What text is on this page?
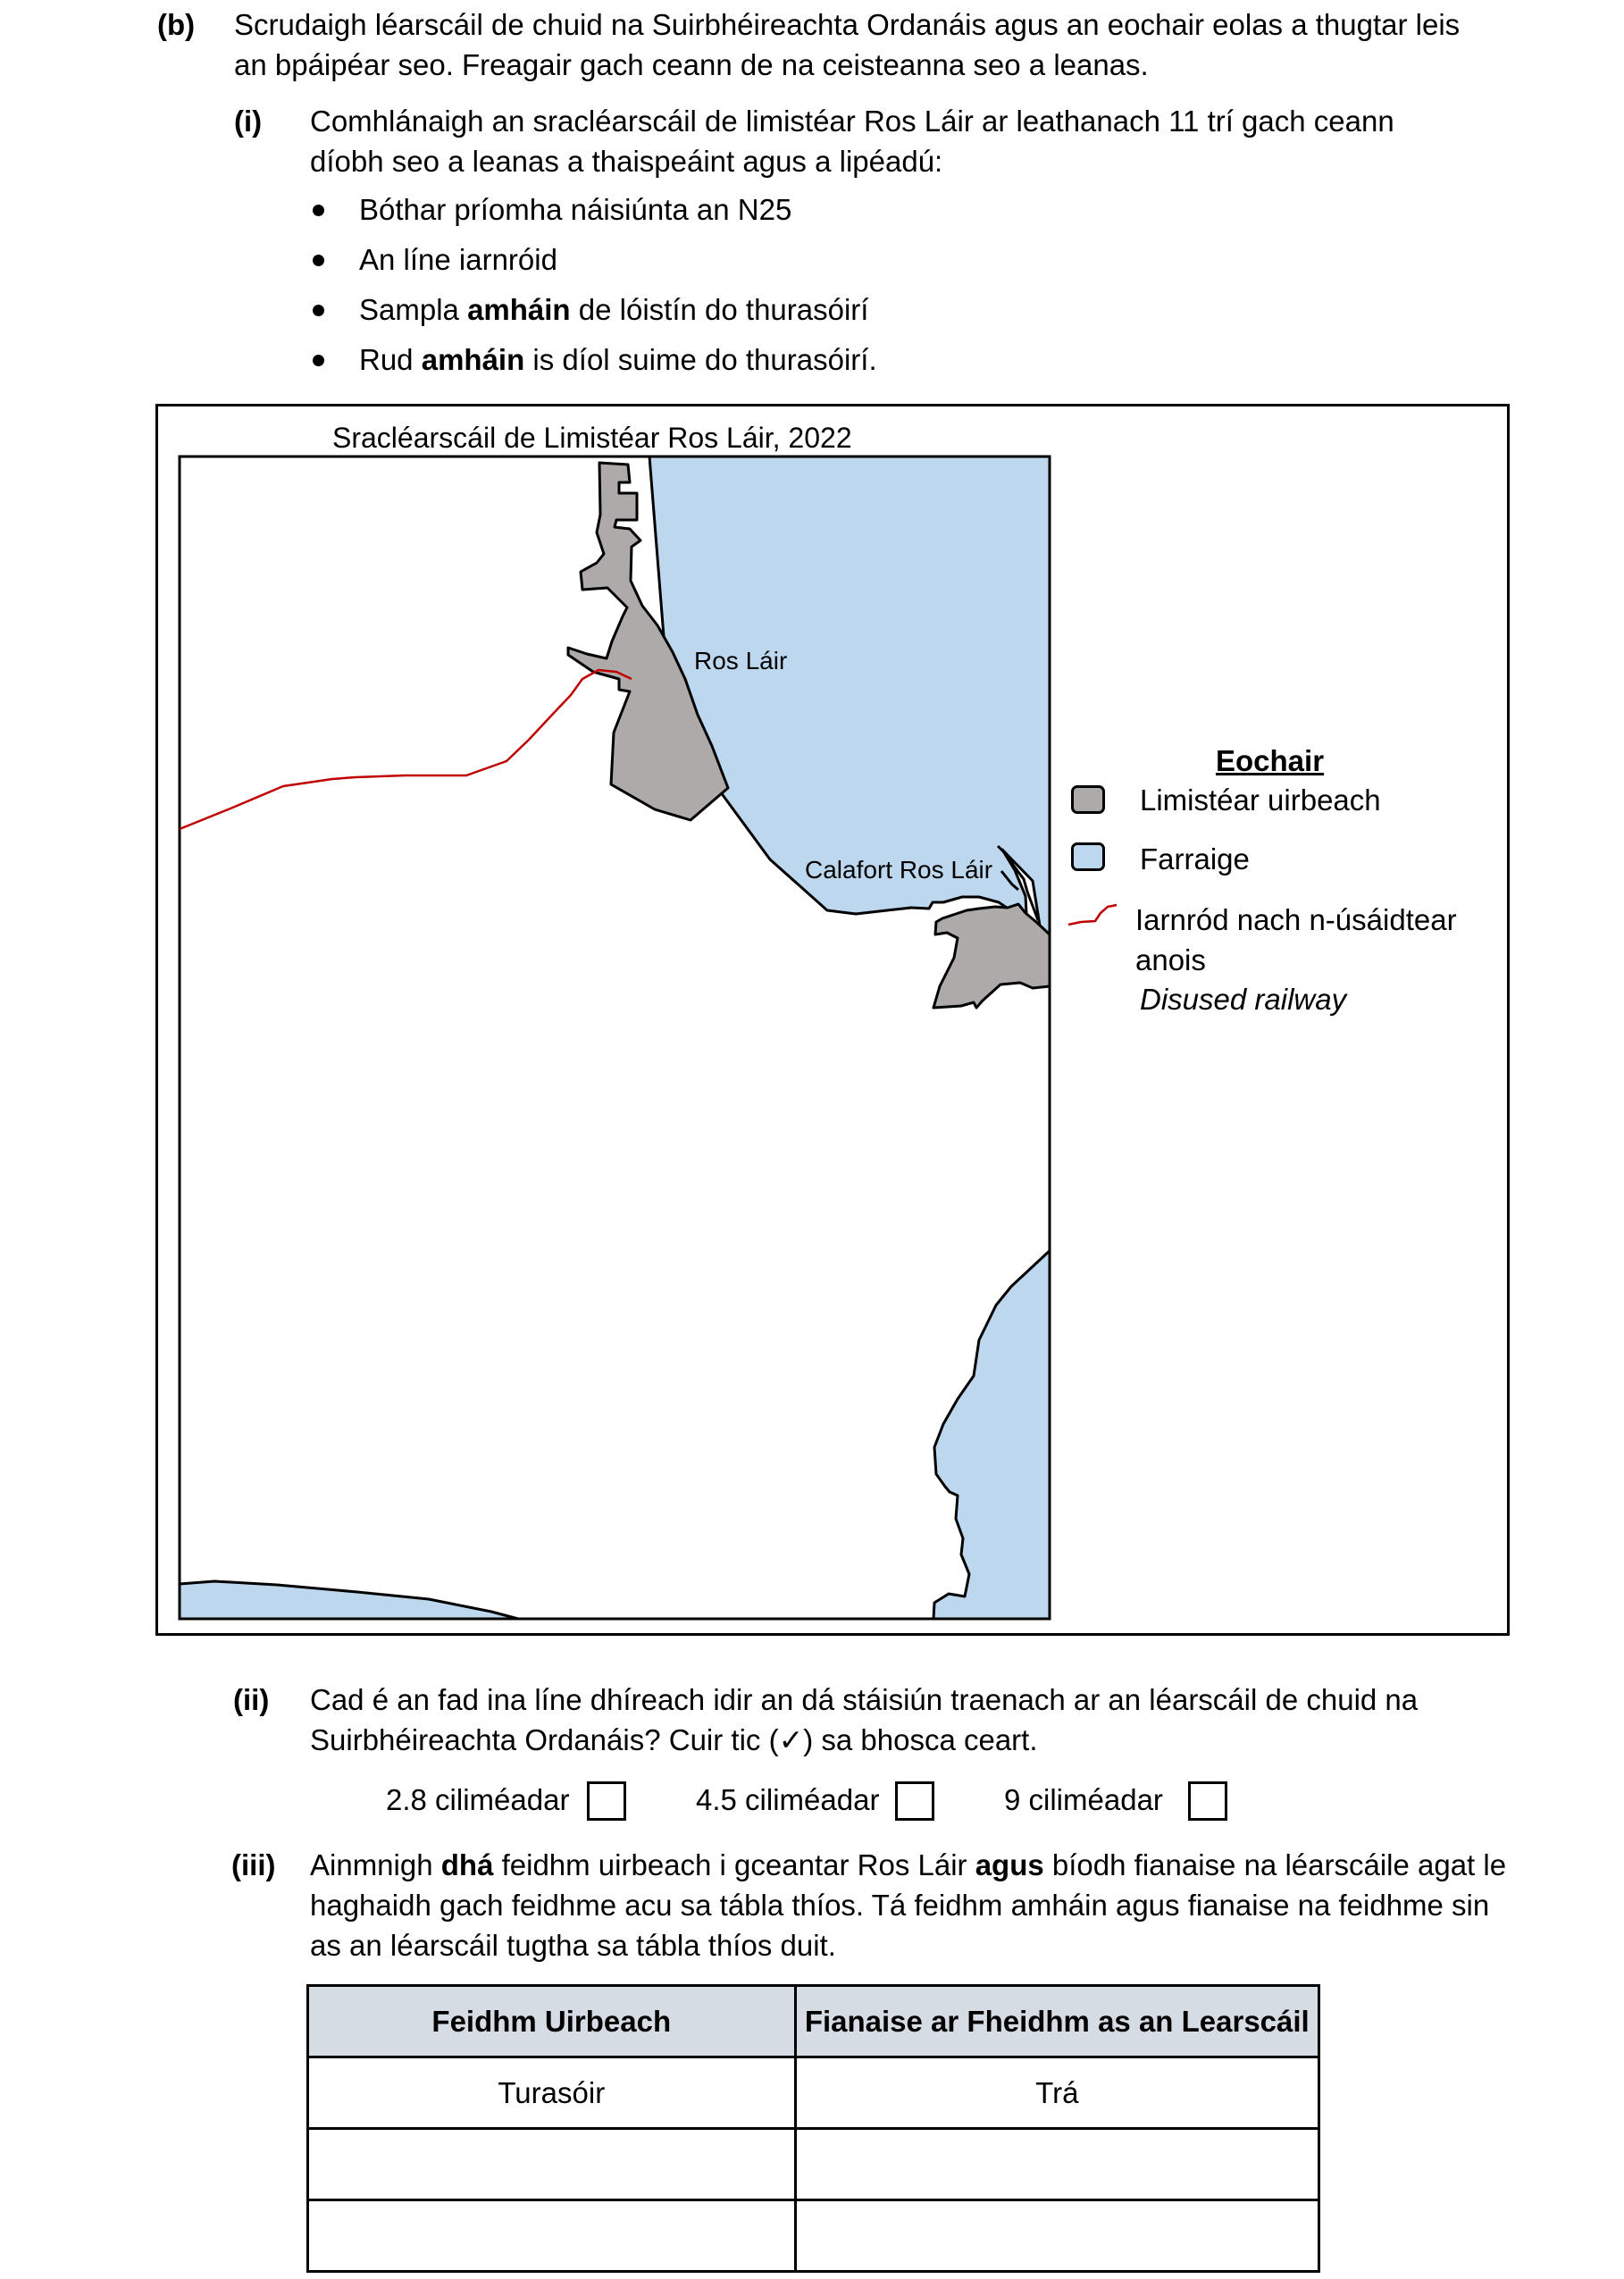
(b) Scrudaigh léarscáil de chuid na Suirbhéireachta Ordanáis agus an eochair eolas a thugtar leis
an bpáipéar seo. Freagair gach ceann de na ceisteanna seo a leanas.
(i) Comhlánaigh an sracléarscáil de limistéar Ros Láir ar leathanach 11 trí gach ceann
díobh seo a leanas a thaispeáint agus a lipéadú:
Bóthar príomha náisiúnta an N25
An líne iarnróid
Sampla amháin de lóistín do thurasóirí
Rud amháin is díol suime do thurasóirí.
Sracléarscáil de Limistéar Ros Láir, 2022
Ros Láir
Calafort Ros Láir
Eochair
Limistéar uirbeach
Farraige
Iarnród nach n-úsáidtear
anois
Disused railway
(ii) Cad é an fad ina líne dhíreach idir an dá stáisiún traenach ar an léarscáil de chuid na
Suirbhéireachta Ordanáis? Cuir tic (✓) sa bhosca ceart.
2.8 ciliméadar	4.5 ciliméadar	9 ciliméadar
(iii) Ainmnigh dhá feidhm uirbeach i gceantar Ros Láir agus bíodh fianaise na léarscáile agat le
haghaidh gach feidhme acu sa tábla thíos. Tá feidhm amháin agus fianaise na feidhme sin
as an léarscáil tugtha sa tábla thíos duit.
Feidhm Uirbeach	Fianaise ar Fheidhm as an Learscáil
Turasóir	Trá
